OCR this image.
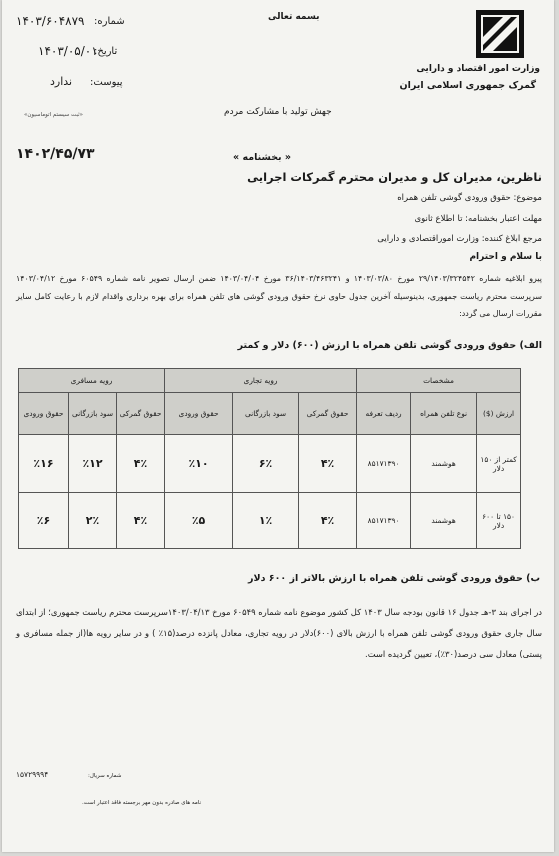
وزارت امور اقتصاد و دارایی
گمرک جمهوری اسلامی ایران
بسمه تعالی
۱۴۰۳/۶۰۴۸۷۹ شماره:
۱۴۰۳/۰۵/۰۱
تاریخ:
ندارد پیوست:
«ثبت سیستم اتوماسیون»	جهش تولید با مشارکت مردم
« بخشنامه »
۱۴۰۲/۴۵/۷۳
ناظرین، مدیران کل و مدیران محترم گمرکات اجرایی
موضوع: حقوق ورودی گوشی تلفن همراه
مهلت اعتبار بخشنامه: تا اطلاع ثانوی
مرجع ابلاغ کننده: وزارت اموراقتصادی و دارایی
با سلام و احترام

پیرو ابلاغیه شماره ۲۹/۱۴۰۳/۳۲۴۵۴۲ مورخ ۱۴۰۳/۰۳/۸۰ و ۳۶/۱۴۰۳/۴۶۳۲۴۱ مورخ ۱۴۰۳/۰۴/۰۴ ضمن ارسال تصویر نامه شماره ۶۰۵۴۹ مورخ ۱۴۰۳/۰۴/۱۲ سرپرست محترم ریاست جمهوری، بدینوسیله آخرین جدول حاوی نرخ حقوق ورودی گوشی های تلفن همراه برای بهره برداری واقدام لازم با رعایت کامل سایر مقررات ارسال می گردد:

الف) حقوق ورودی گوشی تلفن همراه با ارزش (۶۰۰) دلار و کمتر
مشخصات			رویه تجاری			رویه مسافری		
ارزش ($)	نوع تلفن همراه	ردیف تعرفه	حقوق گمرکی	سود بازرگانی	حقوق ورودی	حقوق گمرکی	سود بازرگانی	حقوق ورودی
کمتر از ۱۵۰ دلار	هوشمند	۸۵۱۷۱۳۹۰	۴٪	۶٪	٪۱۰	۴٪	٪۱۲	٪۱۶
۱۵۰ تا ۶۰۰ دلار	هوشمند	۸۵۱۷۱۳۹۰	۴٪	۱٪	٪۵	۴٪	۲٪	٪۶
ب) حقوق ورودی گوشی تلفن همراه با ارزش بالاتر از ۶۰۰ دلار

در اجرای بند ۳-هـ جدول ۱۶ قانون بودجه سال ۱۴۰۳ کل کشور موضوع نامه شماره ۶۰۵۴۹ مورخ ۱۴۰۳/۰۴/۱۳سرپرست محترم ریاست جمهوری؛ از ابتدای سال جاری حقوق ورودی گوشی تلفن همراه با ارزش بالای (۶۰۰)دلار در رویه تجاری، معادل پانزده درصد(۱۵٪ ) و در سایر رویه ها(از جمله مسافری و پستی) معادل سی درصد(۳۰٪)، تعیین گردیده است.

شماره سریال:
۱۵۷۲۹۹۹۴
نامه های صادره بدون مهر برجسته فاقد اعتبار است.
